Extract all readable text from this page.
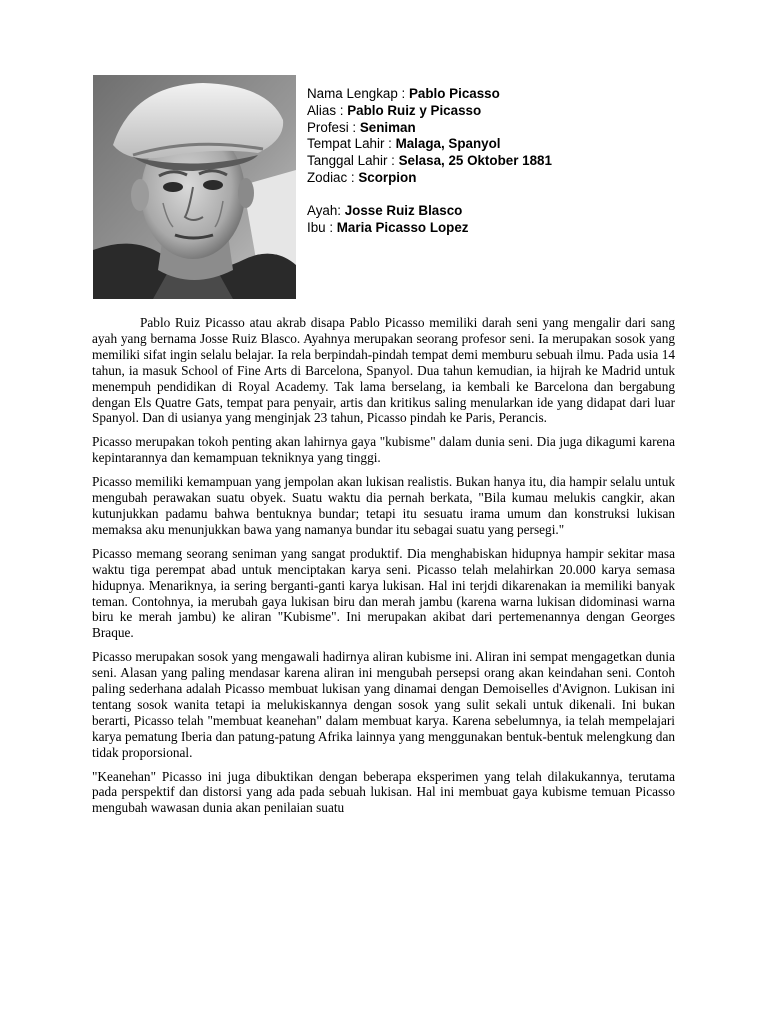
Nama Lengkap : Pablo Picasso
Alias : Pablo Ruiz y Picasso
Profesi : Seniman
Tempat Lahir : Malaga, Spanyol
Tanggal Lahir : Selasa, 25 Oktober 1881
Zodiac : Scorpion
Ayah: Josse Ruiz Blasco
Ibu : Maria Picasso Lopez

Pablo Ruiz Picasso atau akrab disapa Pablo Picasso memiliki darah seni yang mengalir dari sang ayah yang bernama Josse Ruiz Blasco. Ayahnya merupakan seorang profesor seni. Ia merupakan sosok yang memiliki sifat ingin selalu belajar. Ia rela berpindah-pindah tempat demi memburu sebuah ilmu. Pada usia 14 tahun, ia masuk School of Fine Arts di Barcelona, Spanyol. Dua tahun kemudian, ia hijrah ke Madrid untuk menempuh pendidikan di Royal Academy. Tak lama berselang, ia kembali ke Barcelona dan bergabung dengan Els Quatre Gats, tempat para penyair, artis dan kritikus saling menularkan ide yang didapat dari luar Spanyol. Dan di usianya yang menginjak 23 tahun, Picasso pindah ke Paris, Perancis.

Picasso merupakan tokoh penting akan lahirnya gaya "kubisme" dalam dunia seni. Dia juga dikagumi karena kepintarannya dan kemampuan tekniknya yang tinggi.

Picasso memiliki kemampuan yang jempolan akan lukisan realistis. Bukan hanya itu, dia hampir selalu untuk mengubah perawakan suatu obyek. Suatu waktu dia pernah berkata, "Bila kumau melukis cangkir, akan kutunjukkan padamu bahwa bentuknya bundar; tetapi itu sesuatu irama umum dan konstruksi lukisan memaksa aku menunjukkan bawa yang namanya bundar itu sebagai suatu yang persegi."

Picasso memang seorang seniman yang sangat produktif. Dia menghabiskan hidupnya hampir sekitar masa waktu tiga perempat abad untuk menciptakan karya seni. Picasso telah melahirkan 20.000 karya semasa hidupnya. Menariknya, ia sering berganti-ganti karya lukisan. Hal ini terjdi dikarenakan ia memiliki banyak teman. Contohnya, ia merubah gaya lukisan biru dan merah jambu (karena warna lukisan didominasi warna biru ke merah jambu) ke aliran "Kubisme". Ini merupakan akibat dari pertemenannya dengan Georges Braque.

Picasso merupakan sosok yang mengawali hadirnya aliran kubisme ini. Aliran ini sempat mengagetkan dunia seni. Alasan yang paling mendasar karena aliran ini mengubah persepsi orang akan keindahan seni. Contoh paling sederhana adalah Picasso membuat lukisan yang dinamai dengan Demoiselles d'Avignon. Lukisan ini tentang sosok wanita tetapi ia melukiskannya dengan sosok yang sulit sekali untuk dikenali. Ini bukan berarti, Picasso telah "membuat keanehan" dalam membuat karya. Karena sebelumnya, ia telah mempelajari karya pematung Iberia dan patung-patung Afrika lainnya yang menggunakan bentuk-bentuk melengkung dan tidak proporsional.

"Keanehan" Picasso ini juga dibuktikan dengan beberapa eksperimen yang telah dilakukannya, terutama pada perspektif dan distorsi yang ada pada sebuah lukisan. Hal ini membuat gaya kubisme temuan Picasso mengubah wawasan dunia akan penilaian suatu
